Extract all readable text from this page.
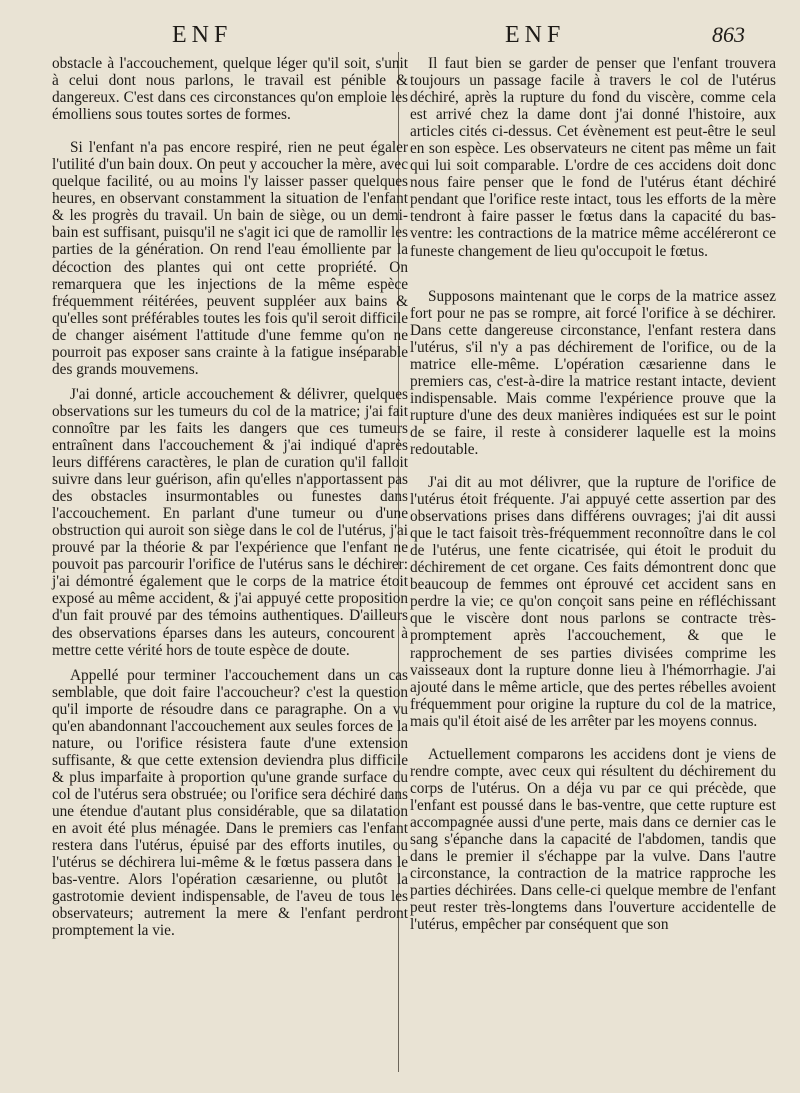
ENF	ENF	863

obstacle à l'accouchement, quelque léger qu'il soit, s'unit à celui dont nous parlons, le travail est pénible & dangereux. C'est dans ces circonstances qu'on emploie les émolliens sous toutes sortes de formes.

Si l'enfant n'a pas encore respiré, rien ne peut égaler l'utilité d'un bain doux. On peut y accoucher la mère, avec quelque facilité, ou au moins l'y laisser passer quelques heures, en observant constamment la situation de l'enfant & les progrès du travail. Un bain de siège, ou un demi-bain est suffisant, puisqu'il ne s'agit ici que de ramollir les parties de la génération. On rend l'eau émolliente par la décoction des plantes qui ont cette propriété. On remarquera que les injections de la même espèce fréquemment réitérées, peuvent suppléer aux bains & qu'elles sont préférables toutes les fois qu'il seroit difficile de changer aisément l'attitude d'une femme qu'on ne pourroit pas exposer sans crainte à la fatigue inséparable des grands mouvemens.

J'ai donné, article accouchement & délivrer, quelques observations sur les tumeurs du col de la matrice; j'ai fait connoître par les faits les dangers que ces tumeurs entraînent dans l'accouchement & j'ai indiqué d'après leurs différens caractères, le plan de curation qu'il falloit suivre dans leur guérison, afin qu'elles n'apportassent pas des obstacles insurmontables ou funestes dans l'accouchement. En parlant d'une tumeur ou d'une obstruction qui auroit son siège dans le col de l'utérus, j'ai prouvé par la théorie & par l'expérience que l'enfant ne pouvoit pas parcourir l'orifice de l'utérus sans le déchirer: j'ai démontré également que le corps de la matrice étoit exposé au même accident, & j'ai appuyé cette proposition d'un fait prouvé par des témoins authentiques. D'ailleurs des observations éparses dans les auteurs, concourent à mettre cette vérité hors de toute espèce de doute.

Appellé pour terminer l'accouchement dans un cas semblable, que doit faire l'accoucheur? c'est la question qu'il importe de résoudre dans ce paragraphe. On a vu qu'en abandonnant l'accouchement aux seules forces de la nature, ou l'orifice résistera faute d'une extension suffisante, & que cette extension deviendra plus difficile & plus imparfaite à proportion qu'une grande surface du col de l'utérus sera obstruée; ou l'orifice sera déchiré dans une étendue d'autant plus considérable, que sa dilatation en avoit été plus ménagée. Dans le premiers cas l'enfant restera dans l'utérus, épuisé par des efforts inutiles, ou l'utérus se déchirera lui-même & le fœtus passera dans le bas-ventre. Alors l'opération cæsarienne, ou plutôt la gastrotomie devient indispensable, de l'aveu de tous les observateurs; autrement la mere & l'enfant perdront promptement la vie.

Il faut bien se garder de penser que l'enfant trouvera toujours un passage facile à travers le col de l'utérus déchiré, après la rupture du fond du viscère, comme cela est arrivé chez la dame dont j'ai donné l'histoire, aux articles cités ci-dessus. Cet évènement est peut-être le seul en son espèce. Les observateurs ne citent pas même un fait qui lui soit comparable. L'ordre de ces accidens doit donc nous faire penser que le fond de l'utérus étant déchiré pendant que l'orifice reste intact, tous les efforts de la mère tendront à faire passer le fœtus dans la capacité du bas-ventre: les contractions de la matrice même accéléreront ce funeste changement de lieu qu'occupoit le fœtus.

Supposons maintenant que le corps de la matrice assez fort pour ne pas se rompre, ait forcé l'orifice à se déchirer. Dans cette dangereuse circonstance, l'enfant restera dans l'utérus, s'il n'y a pas déchirement de l'orifice, ou de la matrice elle-même. L'opération cæsarienne dans le premiers cas, c'est-à-dire la matrice restant intacte, devient indispensable. Mais comme l'expérience prouve que la rupture d'une des deux manières indiquées est sur le point de se faire, il reste à considerer laquelle est la moins redoutable.

J'ai dit au mot délivrer, que la rupture de l'orifice de l'utérus étoit fréquente. J'ai appuyé cette assertion par des observations prises dans différens ouvrages; j'ai dit aussi que le tact faisoit très-fréquemment reconnoître dans le col de l'utérus, une fente cicatrisée, qui étoit le produit du déchirement de cet organe. Ces faits démontrent donc que beaucoup de femmes ont éprouvé cet accident sans en perdre la vie; ce qu'on conçoit sans peine en réfléchissant que le viscère dont nous parlons se contracte très-promptement après l'accouchement, & que le rapprochement de ses parties divisées comprime les vaisseaux dont la rupture donne lieu à l'hémorrhagie. J'ai ajouté dans le même article, que des pertes rébelles avoient fréquemment pour origine la rupture du col de la matrice, mais qu'il étoit aisé de les arrêter par les moyens connus.

Actuellement comparons les accidens dont je viens de rendre compte, avec ceux qui résultent du déchirement du corps de l'utérus. On a déja vu par ce qui précède, que l'enfant est poussé dans le bas-ventre, que cette rupture est accompagnée aussi d'une perte, mais dans ce dernier cas le sang s'épanche dans la capacité de l'abdomen, tandis que dans le premier il s'échappe par la vulve. Dans l'autre circonstance, la contraction de la matrice rapproche les parties déchirées. Dans celle-ci quelque membre de l'enfant peut rester très-longtems dans l'ouverture accidentelle de l'utérus, empêcher par conséquent que son
